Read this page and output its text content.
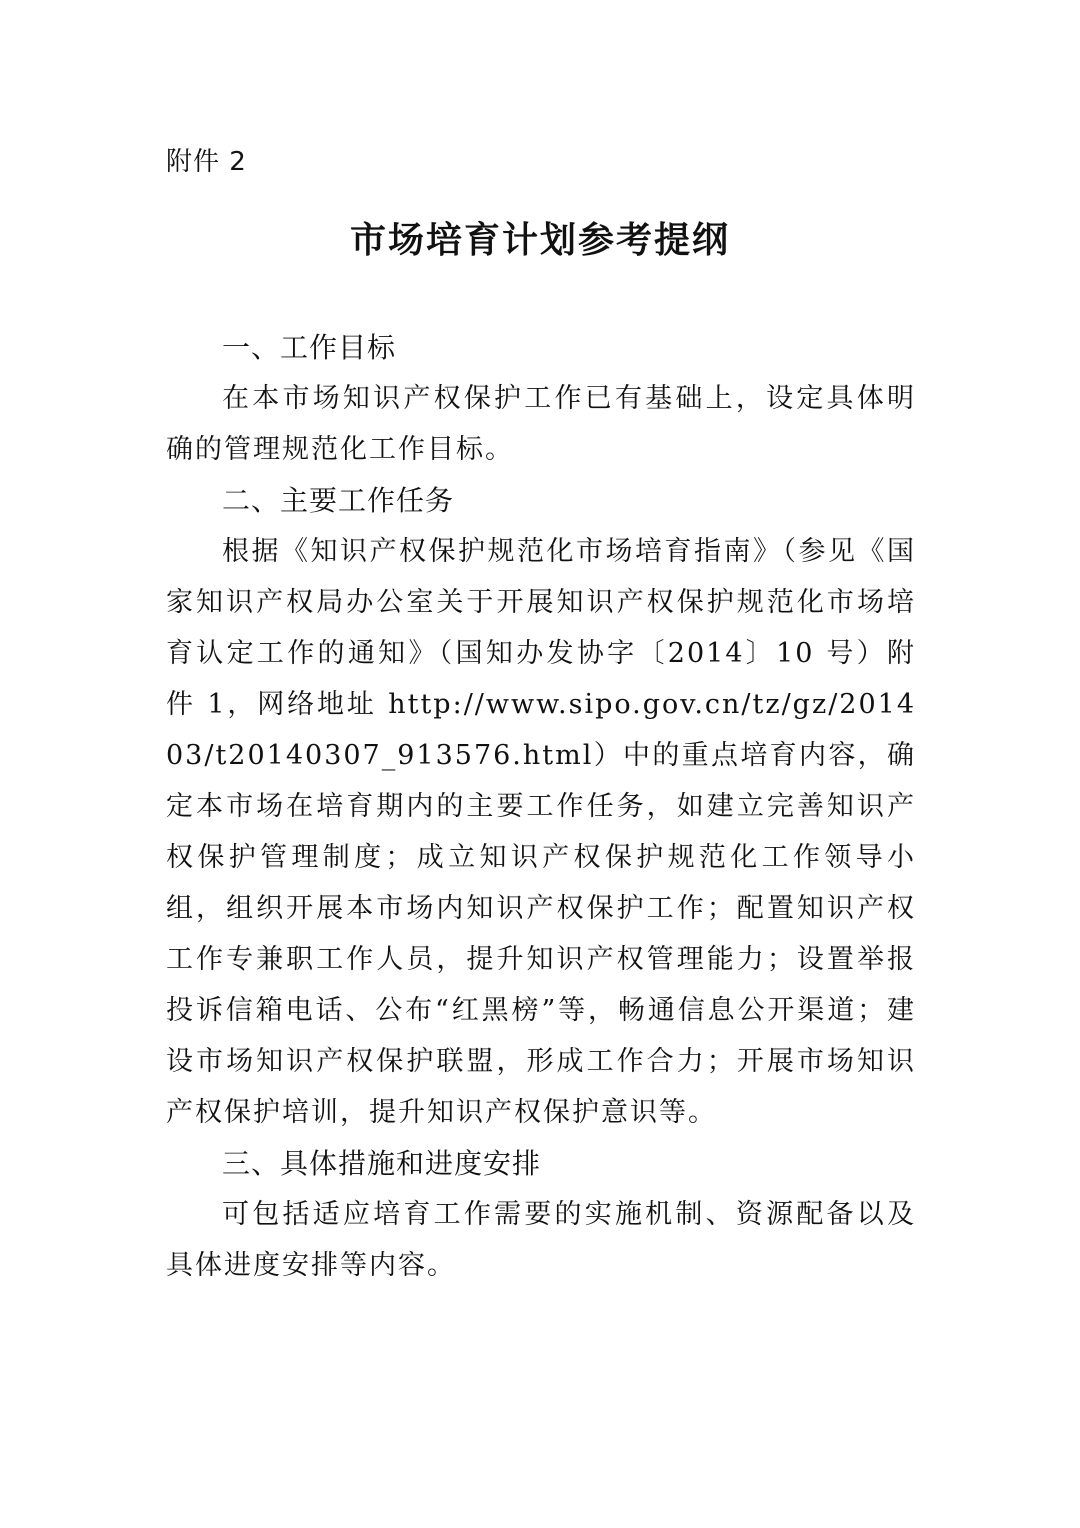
附件 2

市场培育计划参考提纲
一、工作目标

在本市场知识产权保护工作已有基础上，设定具体明确的管理规范化工作目标。

二、主要工作任务

根据《知识产权保护规范化市场培育指南》（参见《国家知识产权局办公室关于开展知识产权保护规范化市场培育认定工作的通知》（国知办发协字〔2014〕10 号）附件 1，网络地址 http://www.sipo.gov.cn/tz/gz/201403/t20140307_913576.html）中的重点培育内容，确定本市场在培育期内的主要工作任务，如建立完善知识产权保护管理制度；成立知识产权保护规范化工作领导小组，组织开展本市场内知识产权保护工作；配置知识产权工作专兼职工作人员，提升知识产权管理能力；设置举报投诉信箱电话、公布“红黑榜”等，畅通信息公开渠道；建设市场知识产权保护联盟，形成工作合力；开展市场知识产权保护培训，提升知识产权保护意识等。

三、具体措施和进度安排

可包括适应培育工作需要的实施机制、资源配备以及具体进度安排等内容。
